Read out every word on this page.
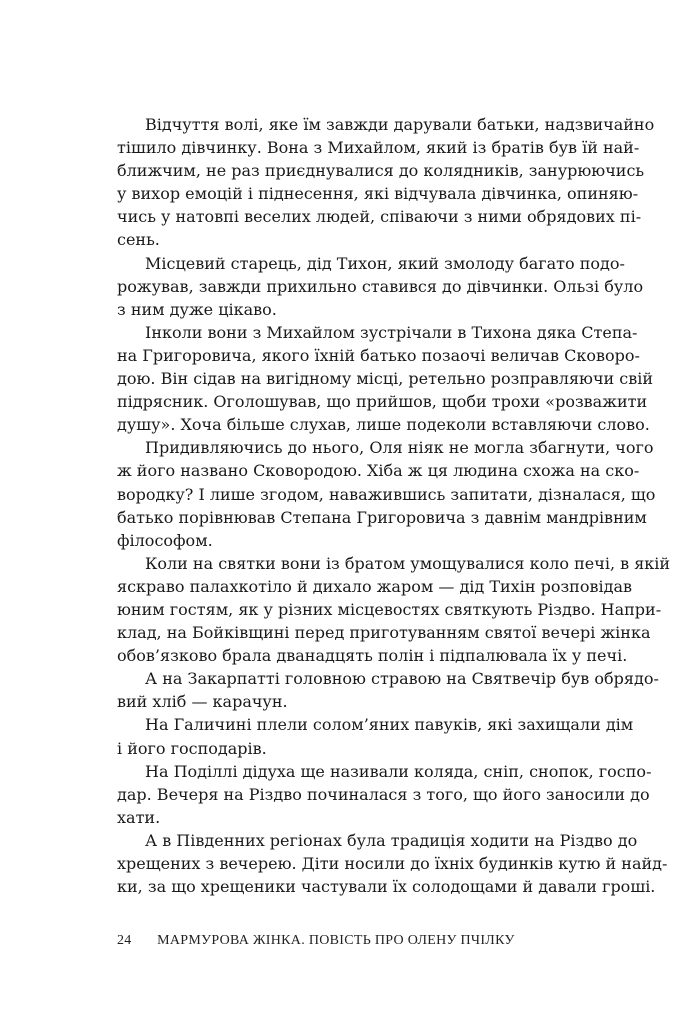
Відчуття волі, яке їм завжди дарували батьки, надзвичайно
тішило дівчинку. Вона з Михайлом, який із братів був їй най-
ближчим, не раз приєднувалися до колядників, занурюючись
у вихор емоцій і піднесення, які відчувала дівчинка, опиняю-
чись у натовпі веселих людей, співаючи з ними обрядових пі-
сень.
Місцевий старець, дід Тихон, який змолоду багато подо-
рожував, завжди прихильно ставився до дівчинки. Ользі було
з ним дуже цікаво.
Інколи вони з Михайлом зустрічали в Тихона дяка Степа-
на Григоровича, якого їхній батько позаочі величав Сковоро-
дою. Він сідав на вигідному місці, ретельно розправляючи свій
підрясник. Оголошував, що прийшов, щоби трохи «розважити
душу». Хоча більше слухав, лише подеколи вставляючи слово.
Придивляючись до нього, Оля ніяк не могла збагнути, чого
ж його названо Сковородою. Хіба ж ця людина схожа на ско-
вородку? І лише згодом, наважившись запитати, дізналася, що
батько порівнював Степана Григоровича з давнім мандрівним
філософом.
Коли на святки вони із братом умощувалися коло печі, в якій
яскраво палахкотіло й дихало жаром — дід Тихін розповідав
юним гостям, як у різних місцевостях святкують Різдво. Напри-
клад, на Бойківщині перед приготуванням святої вечері жінка
обов’язково брала дванадцять полін і підпалювала їх у печі.
А на Закарпатті головною стравою на Святвечір був обрядо-
вий хліб — карачун.
На Галичині плели солом’яних павуків, які захищали дім
і його господарів.
На Поділлі дідуха ще називали коляда, сніп, снопок, госпо-
дар. Вечеря на Різдво починалася з того, що його заносили до
хати.
А в Південних регіонах була традиція ходити на Різдво до
хрещених з вечерею. Діти носили до їхніх будинків кутю й найд-
ки, за що хрещеники частували їх солодощами й давали гроші.
24 МАРМУРОВА ЖІНКА. ПОВІСТЬ ПРО ОЛЕНУ ПЧІЛКУ
